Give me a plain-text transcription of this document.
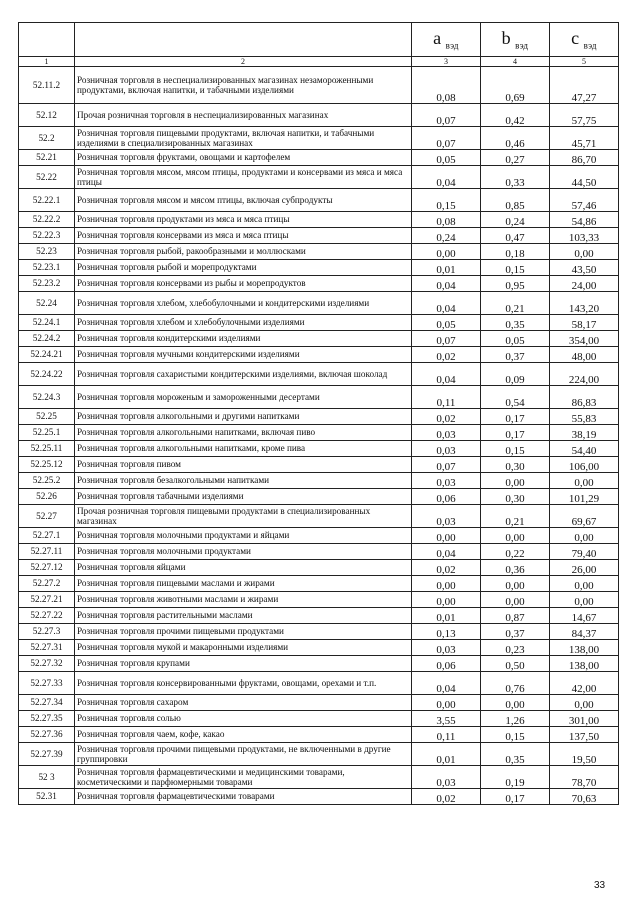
		a $_{вэд}$	b $_{вэд}$	c $_{вэд}$
1	2	3	4	5
52.11.2	Розничная торговля в неспециализированных магазинах незамороженными продуктами, включая напитки, и табачными изделиями	0,08	0,69	47,27
52.12	Прочая розничная торговля в неспециализированных магазинах	0,07	0,42	57,75
52.2	Розничная торговля пищевыми продуктами, включая напитки, и табачными изделиями в специализированных магазинах	0,07	0,46	45,71
52.21	Розничная торговля фруктами, овощами и картофелем	0,05	0,27	86,70
52.22	Розничная торговля мясом, мясом птицы, продуктами и консервами из мяса и мяса птицы	0,04	0,33	44,50
52.22.1	Розничная торговля мясом и мясом птицы, включая субпродукты	0,15	0,85	57,46
52.22.2	Розничная торговля продуктами из мяса и мяса птицы	0,08	0,24	54,86
52.22.3	Розничная торговля консервами из мяса и мяса птицы	0,24	0,47	103,33
52.23	Розничная торговля рыбой, ракообразными и моллюсками	0,00	0,18	0,00
52.23.1	Розничная торговля рыбой и морепродуктами	0,01	0,15	43,50
52.23.2	Розничная торговля консервами из рыбы и морепродуктов	0,04	0,95	24,00
52.24	Розничная торговля хлебом, хлебобулочными и кондитерскими изделиями	0,04	0,21	143,20
52.24.1	Розничная торговля хлебом и хлебобулочными изделиями	0,05	0,35	58,17
52.24.2	Розничная торговля кондитерскими изделиями	0,07	0,05	354,00
52.24.21	Розничная торговля мучными кондитерскими изделиями	0,02	0,37	48,00
52.24.22	Розничная торговля сахаристыми кондитерскими изделиями, включая шоколад	0,04	0,09	224,00
52.24.3	Розничная торговля мороженым и замороженными десертами	0,11	0,54	86,83
52.25	Розничная торговля алкогольными и другими напитками	0,02	0,17	55,83
52.25.1	Розничная торговля алкогольными напитками, включая пиво	0,03	0,17	38,19
52.25.11	Розничная торговля алкогольными напитками, кроме пива	0,03	0,15	54,40
52.25.12	Розничная торговля пивом	0,07	0,30	106,00
52.25.2	Розничная торговля безалкогольными напитками	0,03	0,00	0,00
52.26	Розничная торговля табачными изделиями	0,06	0,30	101,29
52.27	Прочая розничная торговля пищевыми продуктами в специализированных магазинах	0,03	0,21	69,67
52.27.1	Розничная торговля молочными продуктами и яйцами	0,00	0,00	0,00
52.27.11	Розничная торговля молочными продуктами	0,04	0,22	79,40
52.27.12	Розничная торговля яйцами	0,02	0,36	26,00
52.27.2	Розничная торговля пищевыми маслами и жирами	0,00	0,00	0,00
52.27.21	Розничная торговля животными маслами и жирами	0,00	0,00	0,00
52.27.22	Розничная торговля растительными маслами	0,01	0,87	14,67
52.27.3	Розничная торговля прочими пищевыми продуктами	0,13	0,37	84,37
52.27.31	Розничная торговля мукой и макаронными изделиями	0,03	0,23	138,00
52.27.32	Розничная торговля крупами	0,06	0,50	138,00
52.27.33	Розничная торговля консервированными фруктами, овощами, орехами и т.п.	0,04	0,76	42,00
52.27.34	Розничная торговля сахаром	0,00	0,00	0,00
52.27.35	Розничная торговля солью	3,55	1,26	301,00
52.27.36	Розничная торговля чаем, кофе, какао	0,11	0,15	137,50
52.27.39	Розничная торговля прочими пищевыми продуктами, не включенными в другие группировки	0,01	0,35	19,50
52 3	Розничная торговля фармацевтическими и медицинскими товарами, косметическими и парфюмерными товарами	0,03	0,19	78,70
52.31	Розничная торговля фармацевтическими товарами	0,02	0,17	70,63
33
